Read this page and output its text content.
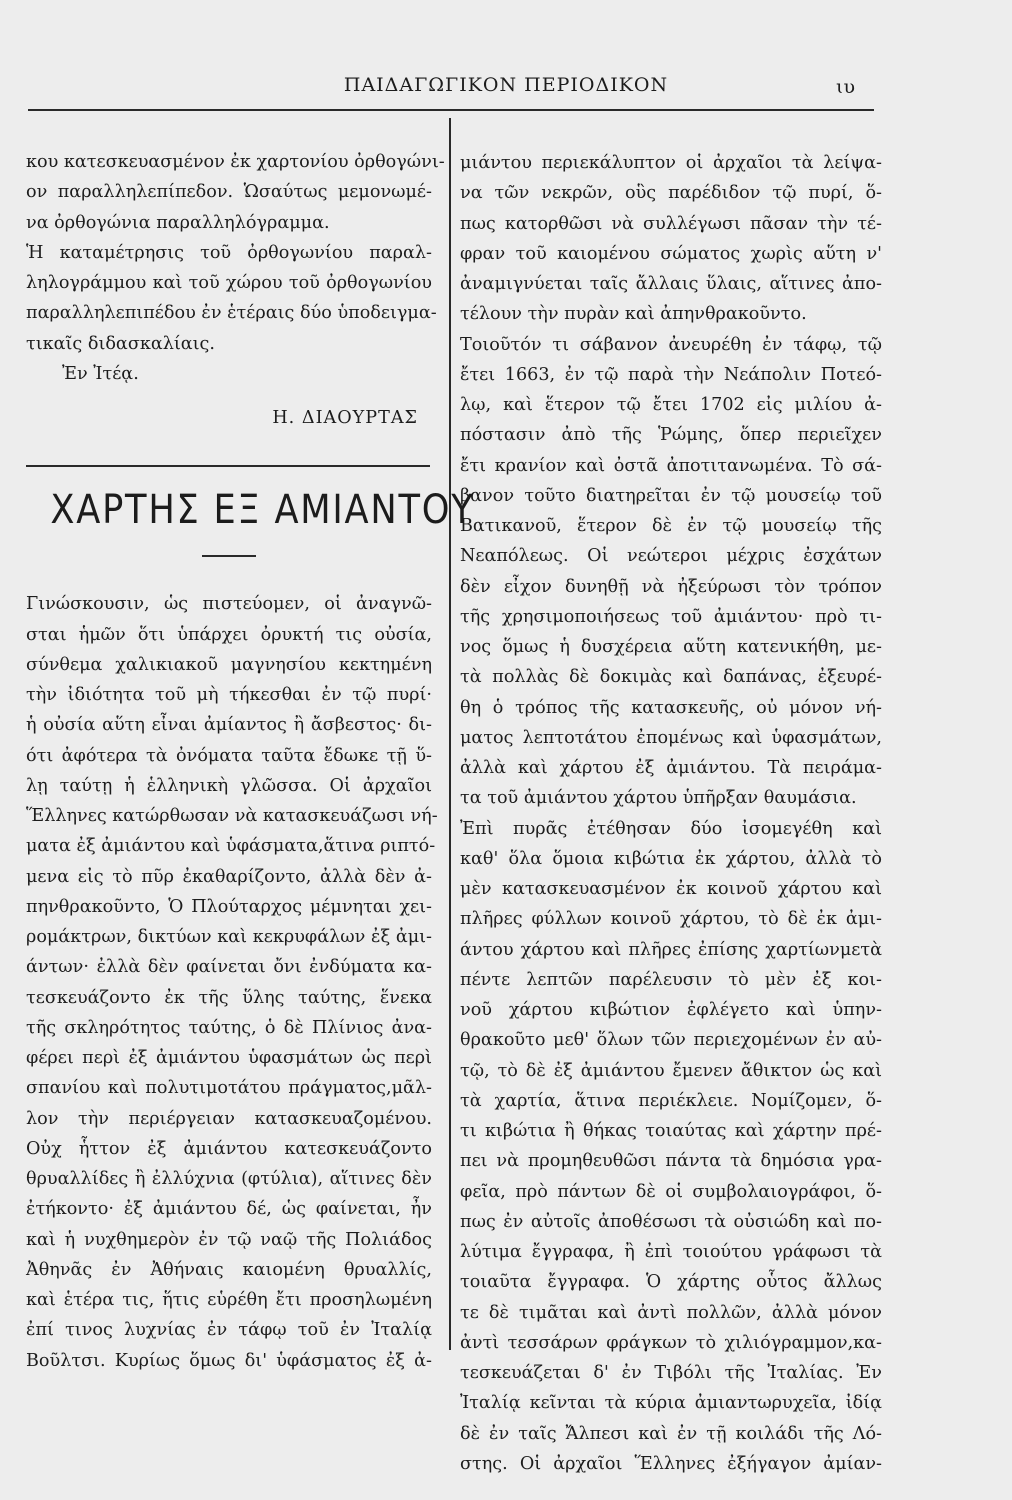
ΠΑΙΔΑΓΩΓΙΚΟΝ ΠΕΡΙΟΔΙΚΟΝ	ɩυ
κου κατεσκευασμένον ἐκ χαρτονίου ὀρθογώνι-
ον παραλληλεπίπεδον. Ὡσαύτως μεμονωμέ-
να ὀρθογώνια παραλληλόγραμμα.
Ἡ καταμέτρησις τοῦ ὀρθογωνίου παραλ-
ληλογράμμου καὶ τοῦ χώρου τοῦ ὀρθογωνίου
παραλληλεπιπέδου ἐν ἑτέραις δύο ὑποδειγμα-
τικαῖς διδασκαλίαις.
Ἐν Ἰτέᾳ.
Η. ΔΙΑΟΥΡΤΑΣ
ΧΑΡΤΗΣ ΕΞ ΑΜΙΑΝΤΟΥ
Γινώσκουσιν, ὡς πιστεύομεν, οἱ ἀναγνῶ-
σται ἡμῶν ὅτι ὑπάρχει ὀρυκτή τις οὐσία,
σύνθεμα χαλικιακοῦ μαγνησίου κεκτημένη
τὴν ἰδιότητα τοῦ μὴ τήκεσθαι ἐν τῷ πυρί·
ἡ οὐσία αὕτη εἶναι ἀμίαντος ἢ ἄσβεστος· δι-
ότι ἀφότερα τὰ ὀνόματα ταῦτα ἔδωκε τῇ ὕ-
λῃ ταύτῃ ἡ ἑλληνικὴ γλῶσσα. Οἱ ἀρχαῖοι
Ἕλληνες κατώρθωσαν νὰ κατασκευάζωσι νή-
ματα ἐξ ἀμιάντου καὶ ὑφάσματα,ἅτινα ριπτό-
μενα εἰς τὸ πῦρ ἐκαθαρίζοντο, ἀλλὰ δὲν ἀ-
πηνθρακοῦντο, Ὁ Πλούταρχος μέμνηται χει-
ρομάκτρων, δικτύων καὶ κεκρυφάλων ἐξ ἀμι-
άντων· ἐλλὰ δὲν φαίνεται ὄνι ἐνδύματα κα-
τεσκευάζοντο ἐκ τῆς ὕλης ταύτης, ἕνεκα
τῆς σκληρότητος ταύτης, ὁ δὲ Πλίνιος ἀνα-
φέρει περὶ ἐξ ἀμιάντου ὑφασμάτων ὡς περὶ
σπανίου καὶ πολυτιμοτάτου πράγματος,μᾶλ-
λον τὴν περιέργειαν κατασκευαζομένου.
Οὐχ ἧττον ἐξ ἀμιάντου κατεσκευάζοντο
θρυαλλίδες ἢ ἐλλύχνια (φτύλια), αἵτινες δὲν
ἐτήκοντο· ἐξ ἀμιάντου δέ, ὡς φαίνεται, ἦν
καὶ ἡ νυχθημερὸν ἐν τῷ ναῷ τῆς Πολιάδος
Ἀθηνᾶς ἐν Ἀθήναις καιομένη θρυαλλίς,
καὶ ἑτέρα τις, ἥτις εὑρέθη ἔτι προσηλωμένη
ἐπί τινος λυχνίας ἐν τάφῳ τοῦ ἐν Ἰταλίᾳ
Βοῦλτσι. Κυρίως ὅμως δι' ὑφάσματος ἐξ ἀ-
μιάντου περιεκάλυπτον οἱ ἀρχαῖοι τὰ λείψα-
να τῶν νεκρῶν, οὓς παρέδιδον τῷ πυρί, ὅ-
πως κατορθῶσι νὰ συλλέγωσι πᾶσαν τὴν τέ-
φραν τοῦ καιομένου σώματος χωρὶς αὕτη ν'
ἀναμιγνύεται ταῖς ἄλλαις ὕλαις, αἵτινες ἀπο-
τέλουν τὴν πυρὰν καὶ ἀπηνθρακοῦντο.
Τοιοῦτόν τι σάβανον ἀνευρέθη ἐν τάφῳ, τῷ
ἔτει 1663, ἐν τῷ παρὰ τὴν Νεάπολιν Ποτεό-
λῳ, καὶ ἕτερον τῷ ἔτει 1702 εἰς μιλίου ἀ-
πόστασιν ἀπὸ τῆς Ῥώμης, ὅπερ περιεῖχεν
ἔτι κρανίον καὶ ὀστᾶ ἀποτιτανωμένα. Τὸ σά-
βανον τοῦτο διατηρεῖται ἐν τῷ μουσείῳ τοῦ
Βατικανοῦ, ἕτερον δὲ ἐν τῷ μουσείῳ τῆς
Νεαπόλεως. Οἱ νεώτεροι μέχρις ἐσχάτων
δὲν εἶχον δυνηθῇ νὰ ἠξεύρωσι τὸν τρόπον
τῆς χρησιμοποιήσεως τοῦ ἀμιάντου· πρὸ τι-
νος ὅμως ἡ δυσχέρεια αὕτη κατενικήθη, με-
τὰ πολλὰς δὲ δοκιμὰς καὶ δαπάνας, ἐξευρέ-
θη ὁ τρόπος τῆς κατασκευῆς, οὐ μόνον νή-
ματος λεπτοτάτου ἐπομένως καὶ ὑφασμάτων,
ἀλλὰ καὶ χάρτου ἐξ ἀμιάντου. Τὰ πειράμα-
τα τοῦ ἀμιάντου χάρτου ὑπῆρξαν θαυμάσια.
Ἐπὶ πυρᾶς ἐτέθησαν δύο ἰσομεγέθη καὶ
καθ' ὅλα ὅμοια κιβώτια ἐκ χάρτου, ἀλλὰ τὸ
μὲν κατασκευασμένον ἐκ κοινοῦ χάρτου καὶ
πλῆρες φύλλων κοινοῦ χάρτου, τὸ δὲ ἐκ ἀμι-
άντου χάρτου καὶ πλῆρες ἐπίσης χαρτίωνμετὰ
πέντε λεπτῶν παρέλευσιν τὸ μὲν ἐξ κοι-
νοῦ χάρτου κιβώτιον ἐφλέγετο καὶ ὑπην-
θρακοῦτο μεθ' ὅλων τῶν περιεχομένων ἐν αὐ-
τῷ, τὸ δὲ ἐξ ἀμιάντου ἔμενεν ἄθικτον ὡς καὶ
τὰ χαρτία, ἅτινα περιέκλειε. Νομίζομεν, ὅ-
τι κιβώτια ἢ θήκας τοιαύτας καὶ χάρτην πρέ-
πει νὰ προμηθευθῶσι πάντα τὰ δημόσια γρα-
φεῖα, πρὸ πάντων δὲ οἱ συμβολαιογράφοι, ὅ-
πως ἐν αὐτοῖς ἀποθέσωσι τὰ οὐσιώδη καὶ πο-
λύτιμα ἔγγραφα, ἢ ἐπὶ τοιούτου γράφωσι τὰ
τοιαῦτα ἔγγραφα. Ὁ χάρτης οὗτος ἄλλως
τε δὲ τιμᾶται καὶ ἀντὶ πολλῶν, ἀλλὰ μόνον
ἀντὶ τεσσάρων φράγκων τὸ χιλιόγραμμον,κα-
τεσκευάζεται δ' ἐν Τιβόλι τῆς Ἰταλίας. Ἐν
Ἰταλίᾳ κεῖνται τὰ κύρια ἀμιαντωρυχεῖα, ἰδίᾳ
δὲ ἐν ταῖς Ἄλπεσι καὶ ἐν τῇ κοιλάδι τῆς Λό-
στης. Οἱ ἀρχαῖοι Ἕλληνες ἐξήγαγον ἀμίαν-
